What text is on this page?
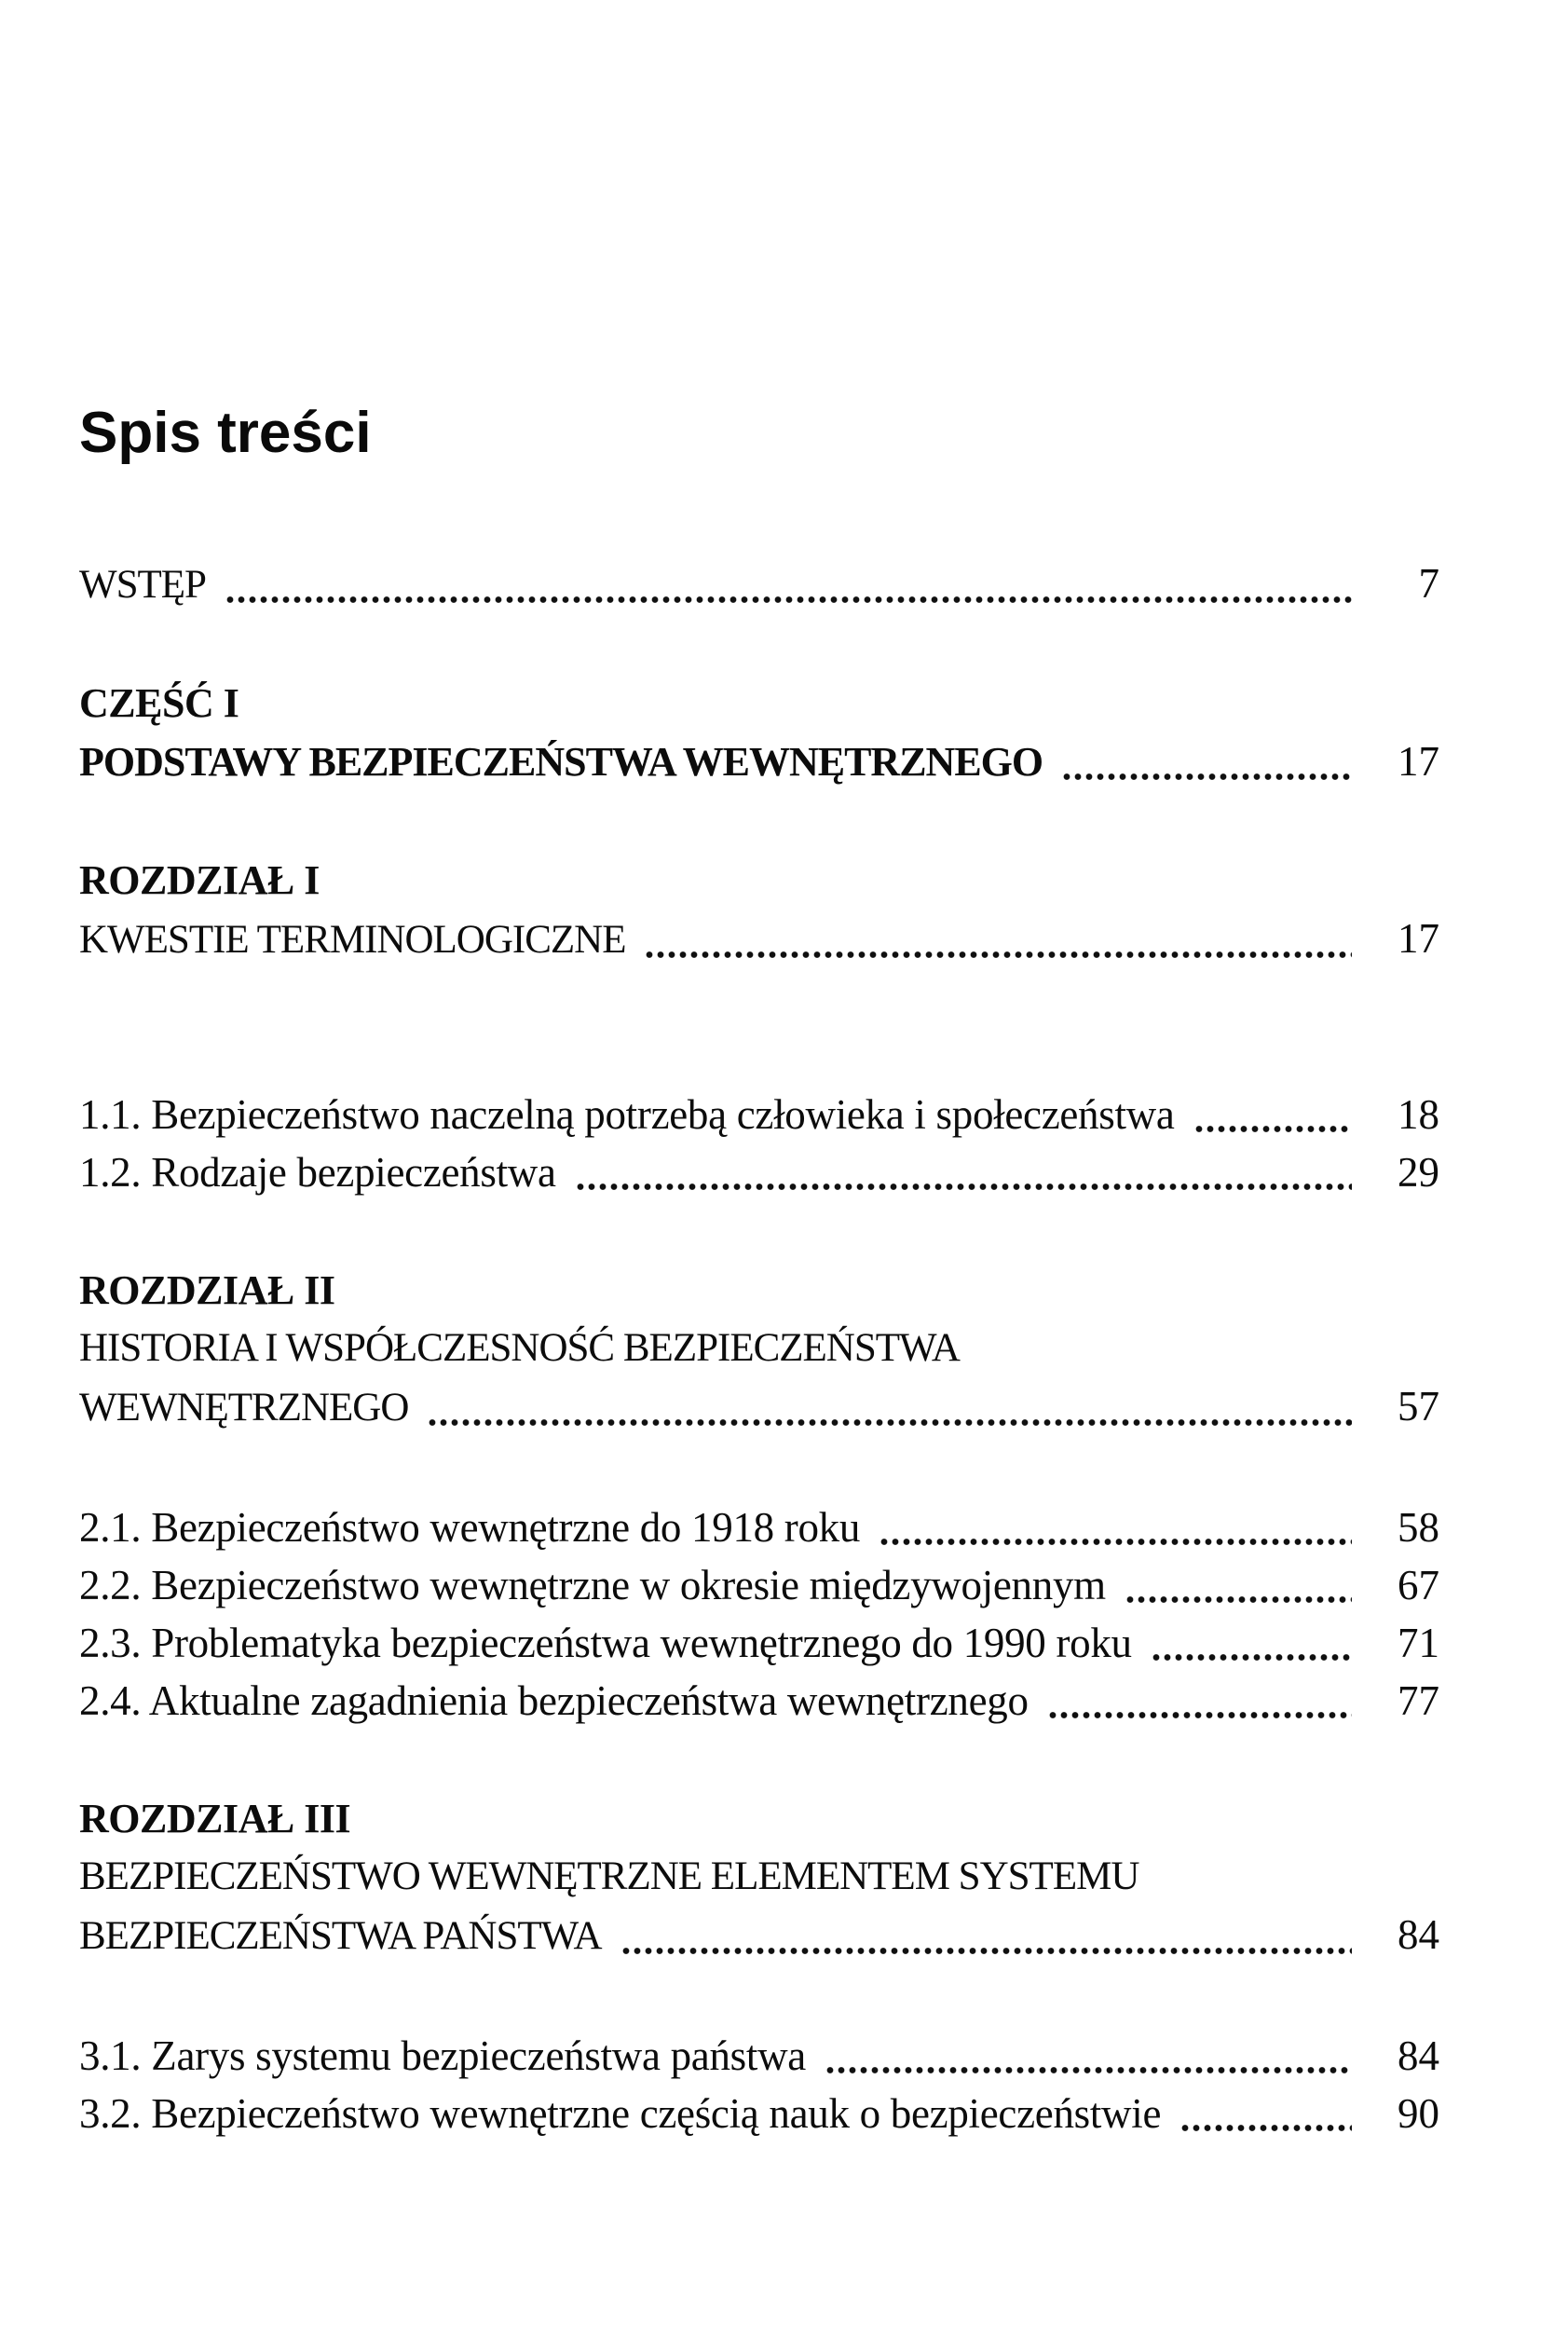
Spis treści
WSTĘP	7
CZĘŚĆ I
PODSTAWY BEZPIECZEŃSTWA WEWNĘTRZNEGO	17
ROZDZIAŁ I
KWESTIE TERMINOLOGICZNE	17
1.1. Bezpieczeństwo naczelną potrzebą człowieka i społeczeństwa	18
1.2. Rodzaje bezpieczeństwa	29
ROZDZIAŁ II
HISTORIA I WSPÓŁCZESNOŚĆ BEZPIECZEŃSTWA
WEWNĘTRZNEGO	57
2.1. Bezpieczeństwo wewnętrzne do 1918 roku	58
2.2. Bezpieczeństwo wewnętrzne w okresie międzywojennym	67
2.3. Problematyka bezpieczeństwa wewnętrznego do 1990 roku	71
2.4. Aktualne zagadnienia bezpieczeństwa wewnętrznego	77
ROZDZIAŁ III
BEZPIECZEŃSTWO WEWNĘTRZNE ELEMENTEM SYSTEMU
BEZPIECZEŃSTWA PAŃSTWA	84
3.1. Zarys systemu bezpieczeństwa państwa	84
3.2. Bezpieczeństwo wewnętrzne częścią nauk o bezpieczeństwie	90
